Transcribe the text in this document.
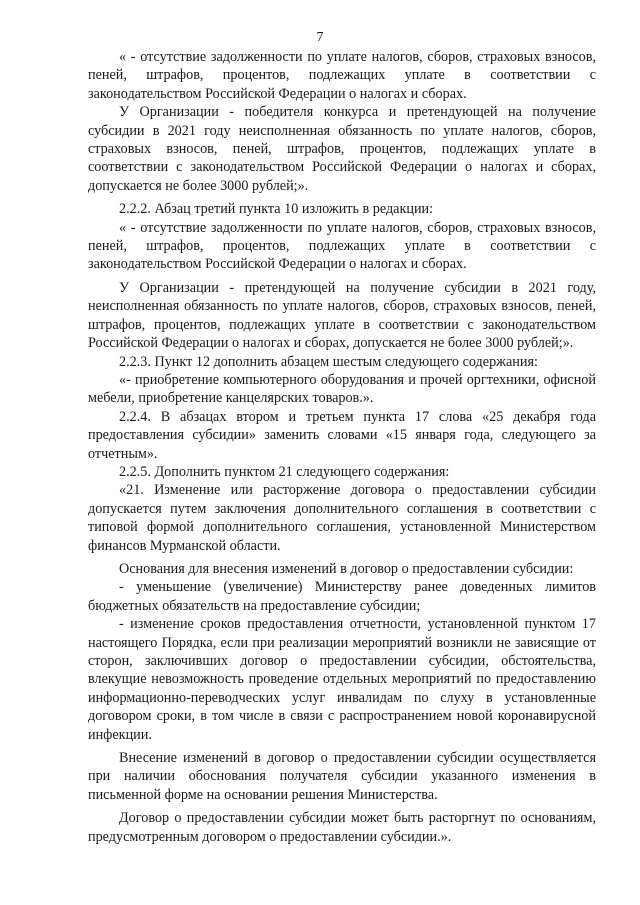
7

« - отсутствие задолженности по уплате налогов, сборов, страховых взносов, пеней, штрафов, процентов, подлежащих уплате в соответствии с законодательством Российской Федерации о налогах и сборах.

У Организации - победителя конкурса и претендующей на получение субсидии в 2021 году неисполненная обязанность по уплате налогов, сборов, страховых взносов, пеней, штрафов, процентов, подлежащих уплате в соответствии с законодательством Российской Федерации о налогах и сборах, допускается не более 3000 рублей;».

2.2.2. Абзац третий пункта 10 изложить в редакции:

« - отсутствие задолженности по уплате налогов, сборов, страховых взносов, пеней, штрафов, процентов, подлежащих уплате в соответствии с законодательством Российской Федерации о налогах и сборах.

У Организации - претендующей на получение субсидии в 2021 году, неисполненная обязанность по уплате налогов, сборов, страховых взносов, пеней, штрафов, процентов, подлежащих уплате в соответствии с законодательством Российской Федерации о налогах и сборах, допускается не более 3000 рублей;».

2.2.3. Пункт 12 дополнить абзацем шестым следующего содержания:

«- приобретение компьютерного оборудования и прочей оргтехники, офисной мебели, приобретение канцелярских товаров.».

2.2.4. В абзацах втором и третьем пункта 17 слова «25 декабря года предоставления субсидии» заменить словами «15 января года, следующего за отчетным».

2.2.5. Дополнить пунктом 21 следующего содержания:

«21. Изменение или расторжение договора о предоставлении субсидии допускается путем заключения дополнительного соглашения в соответствии с типовой формой дополнительного соглашения, установленной Министерством финансов Мурманской области.

Основания для внесения изменений в договор о предоставлении субсидии:

- уменьшение (увеличение) Министерству ранее доведенных лимитов бюджетных обязательств на предоставление субсидии;

- изменение сроков предоставления отчетности, установленной пунктом 17 настоящего Порядка, если при реализации мероприятий возникли не зависящие от сторон, заключивших договор о предоставлении субсидии, обстоятельства, влекущие невозможность проведение отдельных мероприятий по предоставлению информационно-переводческих услуг инвалидам по слуху в установленные договором сроки, в том числе в связи с распространением новой коронавирусной инфекции.

Внесение изменений в договор о предоставлении субсидии осуществляется при наличии обоснования получателя субсидии указанного изменения в письменной форме на основании решения Министерства.

Договор о предоставлении субсидии может быть расторгнут по основаниям, предусмотренным договором о предоставлении субсидии.».
